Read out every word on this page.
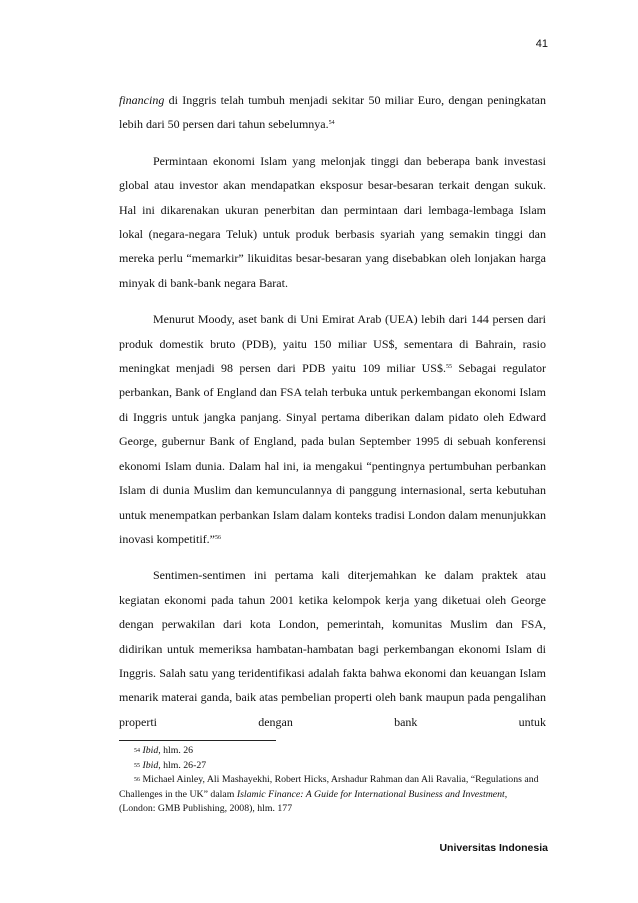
41

financing di Inggris telah tumbuh menjadi sekitar 50 miliar Euro, dengan peningkatan lebih dari 50 persen dari tahun sebelumnya.$^{54}$

Permintaan ekonomi Islam yang melonjak tinggi dan beberapa bank investasi global atau investor akan mendapatkan eksposur besar-besaran terkait dengan sukuk. Hal ini dikarenakan ukuran penerbitan dan permintaan dari lembaga-lembaga Islam lokal (negara-negara Teluk) untuk produk berbasis syariah yang semakin tinggi dan mereka perlu “memarkir” likuiditas besar-besaran yang disebabkan oleh lonjakan harga minyak di bank-bank negara Barat.

Menurut Moody, aset bank di Uni Emirat Arab (UEA) lebih dari 144 persen dari produk domestik bruto (PDB), yaitu 150 miliar US$, sementara di Bahrain, rasio meningkat menjadi 98 persen dari PDB yaitu 109 miliar US$.$^{55}$ Sebagai regulator perbankan, Bank of England dan FSA telah terbuka untuk perkembangan ekonomi Islam di Inggris untuk jangka panjang. Sinyal pertama diberikan dalam pidato oleh Edward George, gubernur Bank of England, pada bulan September 1995 di sebuah konferensi ekonomi Islam dunia. Dalam hal ini, ia mengakui “pentingnya pertumbuhan perbankan Islam di dunia Muslim dan kemunculannya di panggung internasional, serta kebutuhan untuk menempatkan perbankan Islam dalam konteks tradisi London dalam menunjukkan inovasi kompetitif.”$^{56}$

Sentimen-sentimen ini pertama kali diterjemahkan ke dalam praktek atau kegiatan ekonomi pada tahun 2001 ketika kelompok kerja yang diketuai oleh George dengan perwakilan dari kota London, pemerintah, komunitas Muslim dan FSA, didirikan untuk memeriksa hambatan-hambatan bagi perkembangan ekonomi Islam di Inggris. Salah satu yang teridentifikasi adalah fakta bahwa ekonomi dan keuangan Islam menarik materai ganda, baik atas pembelian properti oleh bank maupun pada pengalihan properti dengan bank untuk

$^{54}$ Ibid, hlm. 26

$^{55}$ Ibid, hlm. 26-27

$^{56}$ Michael Ainley, Ali Mashayekhi, Robert Hicks, Arshadur Rahman dan Ali Ravalia, “Regulations and Challenges in the UK” dalam Islamic Finance: A Guide for International Business and Investment, (London: GMB Publishing, 2008), hlm. 177

Universitas Indonesia
